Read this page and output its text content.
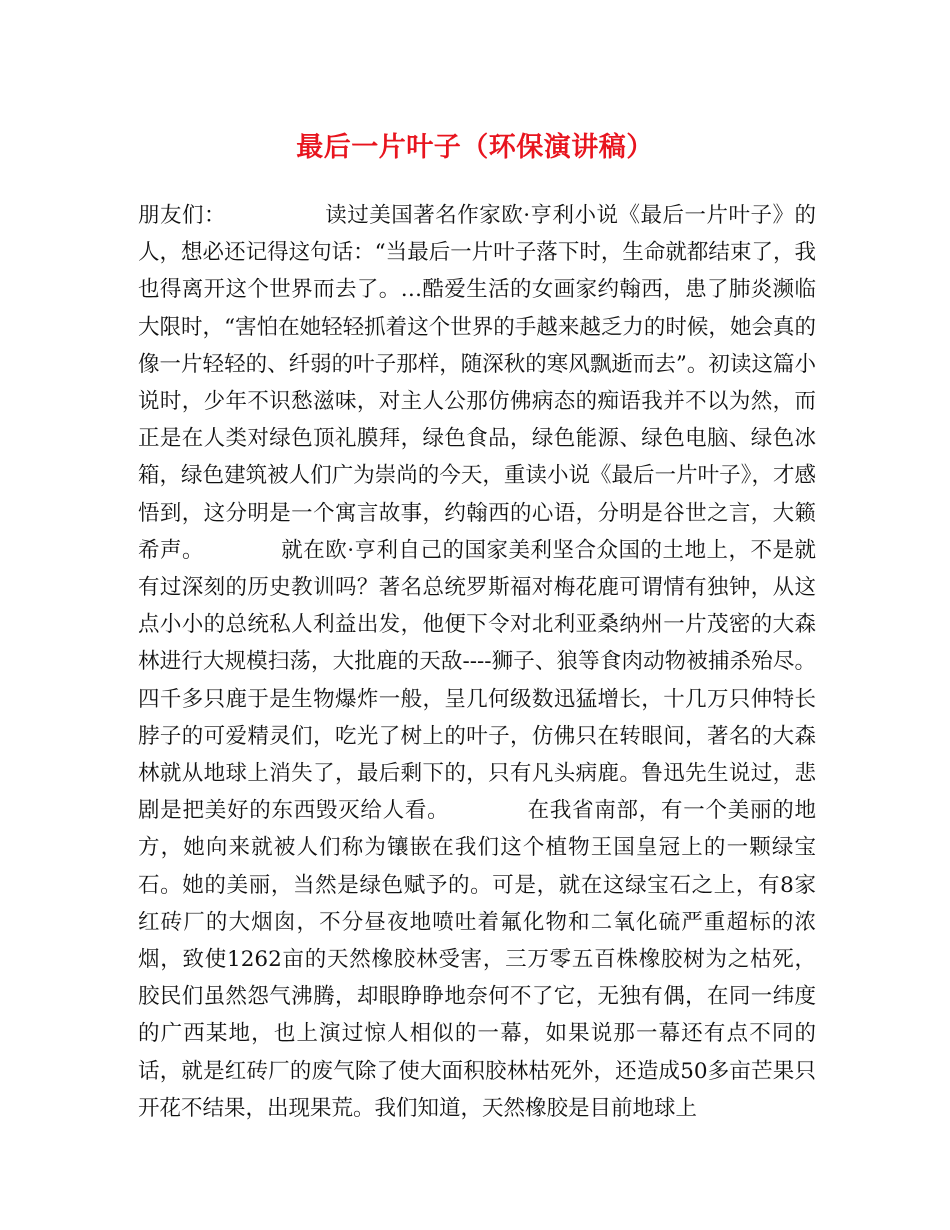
最后一片叶子（环保演讲稿）

朋友们：　　　　　读过美国著名作家欧·亨利小说《最后一片叶子》的人，想必还记得这句话：“当最后一片叶子落下时，生命就都结束了，我也得离开这个世界而去了。…酷爱生活的女画家约翰西，患了肺炎濒临大限时，“害怕在她轻轻抓着这个世界的手越来越乏力的时候，她会真的像一片轻轻的、纤弱的叶子那样，随深秋的寒风飘逝而去”。初读这篇小说时，少年不识愁滋味，对主人公那仿佛病态的痴语我并不以为然，而正是在人类对绿色顶礼膜拜，绿色食品，绿色能源、绿色电脑、绿色冰箱，绿色建筑被人们广为崇尚的今天，重读小说《最后一片叶子》，才感悟到，这分明是一个寓言故事，约翰西的心语，分明是谷世之言，大籁希声。　　　　就在欧·亨利自己的国家美利坚合众国的土地上，不是就有过深刻的历史教训吗？著名总统罗斯福对梅花鹿可谓情有独钟，从这点小小的总统私人利益出发，他便下令对北利亚桑纳州一片茂密的大森林进行大规模扫荡，大批鹿的天敌----狮子、狼等食肉动物被捕杀殆尽。四千多只鹿于是生物爆炸一般，呈几何级数迅猛增长，十几万只伸特长脖子的可爱精灵们，吃光了树上的叶子，仿佛只在转眼间，著名的大森林就从地球上消失了，最后剩下的，只有凡头病鹿。鲁迅先生说过，悲剧是把美好的东西毁灭给人看。　　　　在我省南部，有一个美丽的地方，她向来就被人们称为镶嵌在我们这个植物王国皇冠上的一颗绿宝石。她的美丽，当然是绿色赋予的。可是，就在这绿宝石之上，有8家红砖厂的大烟囱，不分昼夜地喷吐着氟化物和二氧化硫严重超标的浓烟，致使1262亩的天然橡胶林受害，三万零五百株橡胶树为之枯死，胶民们虽然怨气沸腾，却眼睁睁地奈何不了它，无独有偶，在同一纬度的广西某地，也上演过惊人相似的一幕，如果说那一幕还有点不同的话，就是红砖厂的废气除了使大面积胶林枯死外，还造成50多亩芒果只开花不结果，出现果荒。我们知道，天然橡胶是目前地球上
